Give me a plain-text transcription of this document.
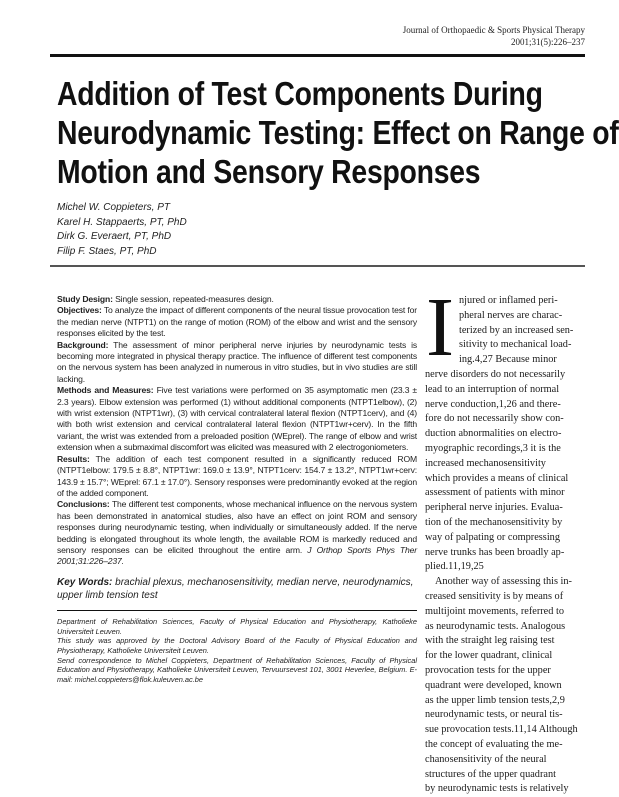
Journal of Orthopaedic & Sports Physical Therapy
2001;31(5):226–237
Addition of Test Components During
Neurodynamic Testing: Effect on Range of
Motion and Sensory Responses
Michel W. Coppieters, PT
Karel H. Stappaerts, PT, PhD
Dirk G. Everaert, PT, PhD
Filip F. Staes, PT, PhD

Study Design: Single session, repeated-measures design.

Objectives: To analyze the impact of different components of the neural tissue provocation test for the median nerve (NTPT1) on the range of motion (ROM) of the elbow and wrist and the sensory responses elicited by the test.

Background: The assessment of minor peripheral nerve injuries by neurodynamic tests is becoming more integrated in physical therapy practice. The influence of different test components on the nervous system has been analyzed in numerous in vitro studies, but in vivo studies are still lacking.

Methods and Measures: Five test variations were performed on 35 asymptomatic men (23.3 ± 2.3 years). Elbow extension was performed (1) without additional components (NTPT1elbow), (2) with wrist extension (NTPT1wr), (3) with cervical contralateral lateral flexion (NTPT1cerv), and (4) with both wrist extension and cervical contralateral lateral flexion (NTPT1wr+cerv). In the fifth variant, the wrist was extended from a preloaded position (WEprel). The range of elbow and wrist extension when a submaximal discomfort was elicited was measured with 2 electrogoniometers.

Results: The addition of each test component resulted in a significantly reduced ROM (NTPT1elbow: 179.5 ± 8.8°, NTPT1wr: 169.0 ± 13.9°, NTPT1cerv: 154.7 ± 13.2°, NTPT1wr+cerv: 143.9 ± 15.7°; WEprel: 67.1 ± 17.0°). Sensory responses were predominantly evoked at the region of the added component.

Conclusions: The different test components, whose mechanical influence on the nervous system has been demonstrated in anatomical studies, also have an effect on joint ROM and sensory responses during neurodynamic testing, when individually or simultaneously added. If the nerve bedding is elongated throughout its whole length, the available ROM is markedly reduced and sensory responses can be elicited throughout the entire arm. J Orthop Sports Phys Ther 2001;31:226–237.

Key Words: brachial plexus, mechanosensitivity, median nerve, neurodynamics, upper limb tension test

Department of Rehabilitation Sciences, Faculty of Physical Education and Physiotherapy, Katholieke Universiteit Leuven.

This study was approved by the Doctoral Advisory Board of the Faculty of Physical Education and Physiotherapy, Katholieke Universiteit Leuven.

Send correspondence to Michel Coppieters, Department of Rehabilitation Sciences, Faculty of Physical Education and Physiotherapy, Katholieke Universiteit Leuven, Tervuursevest 101, 3001 Heverlee, Belgium. E-mail: michel.coppieters@flok.kuleuven.ac.be

I njured or inflamed peri-
pheral nerves are charac-
terized by an increased sen-
sitivity to mechanical load-
ing.4,27 Because minor
nerve disorders do not necessarily
lead to an interruption of normal
nerve conduction,1,26 and there-
fore do not necessarily show con-
duction abnormalities on electro-
myographic recordings,3 it is the
increased mechanosensitivity
which provides a means of clinical
assessment of patients with minor
peripheral nerve injuries. Evalua-
tion of the mechanosensitivity by
way of palpating or compressing
nerve trunks has been broadly ap-
plied.11,19,25
Another way of assessing this in-
creased sensitivity is by means of
multijoint movements, referred to
as neurodynamic tests. Analogous
with the straight leg raising test
for the lower quadrant, clinical
provocation tests for the upper
quadrant were developed, known
as the upper limb tension tests,2,9
neurodynamic tests, or neural tis-
sue provocation tests.11,14 Although
the concept of evaluating the me-
chanosensitivity of the neural
structures of the upper quadrant
by neurodynamic tests is relatively
